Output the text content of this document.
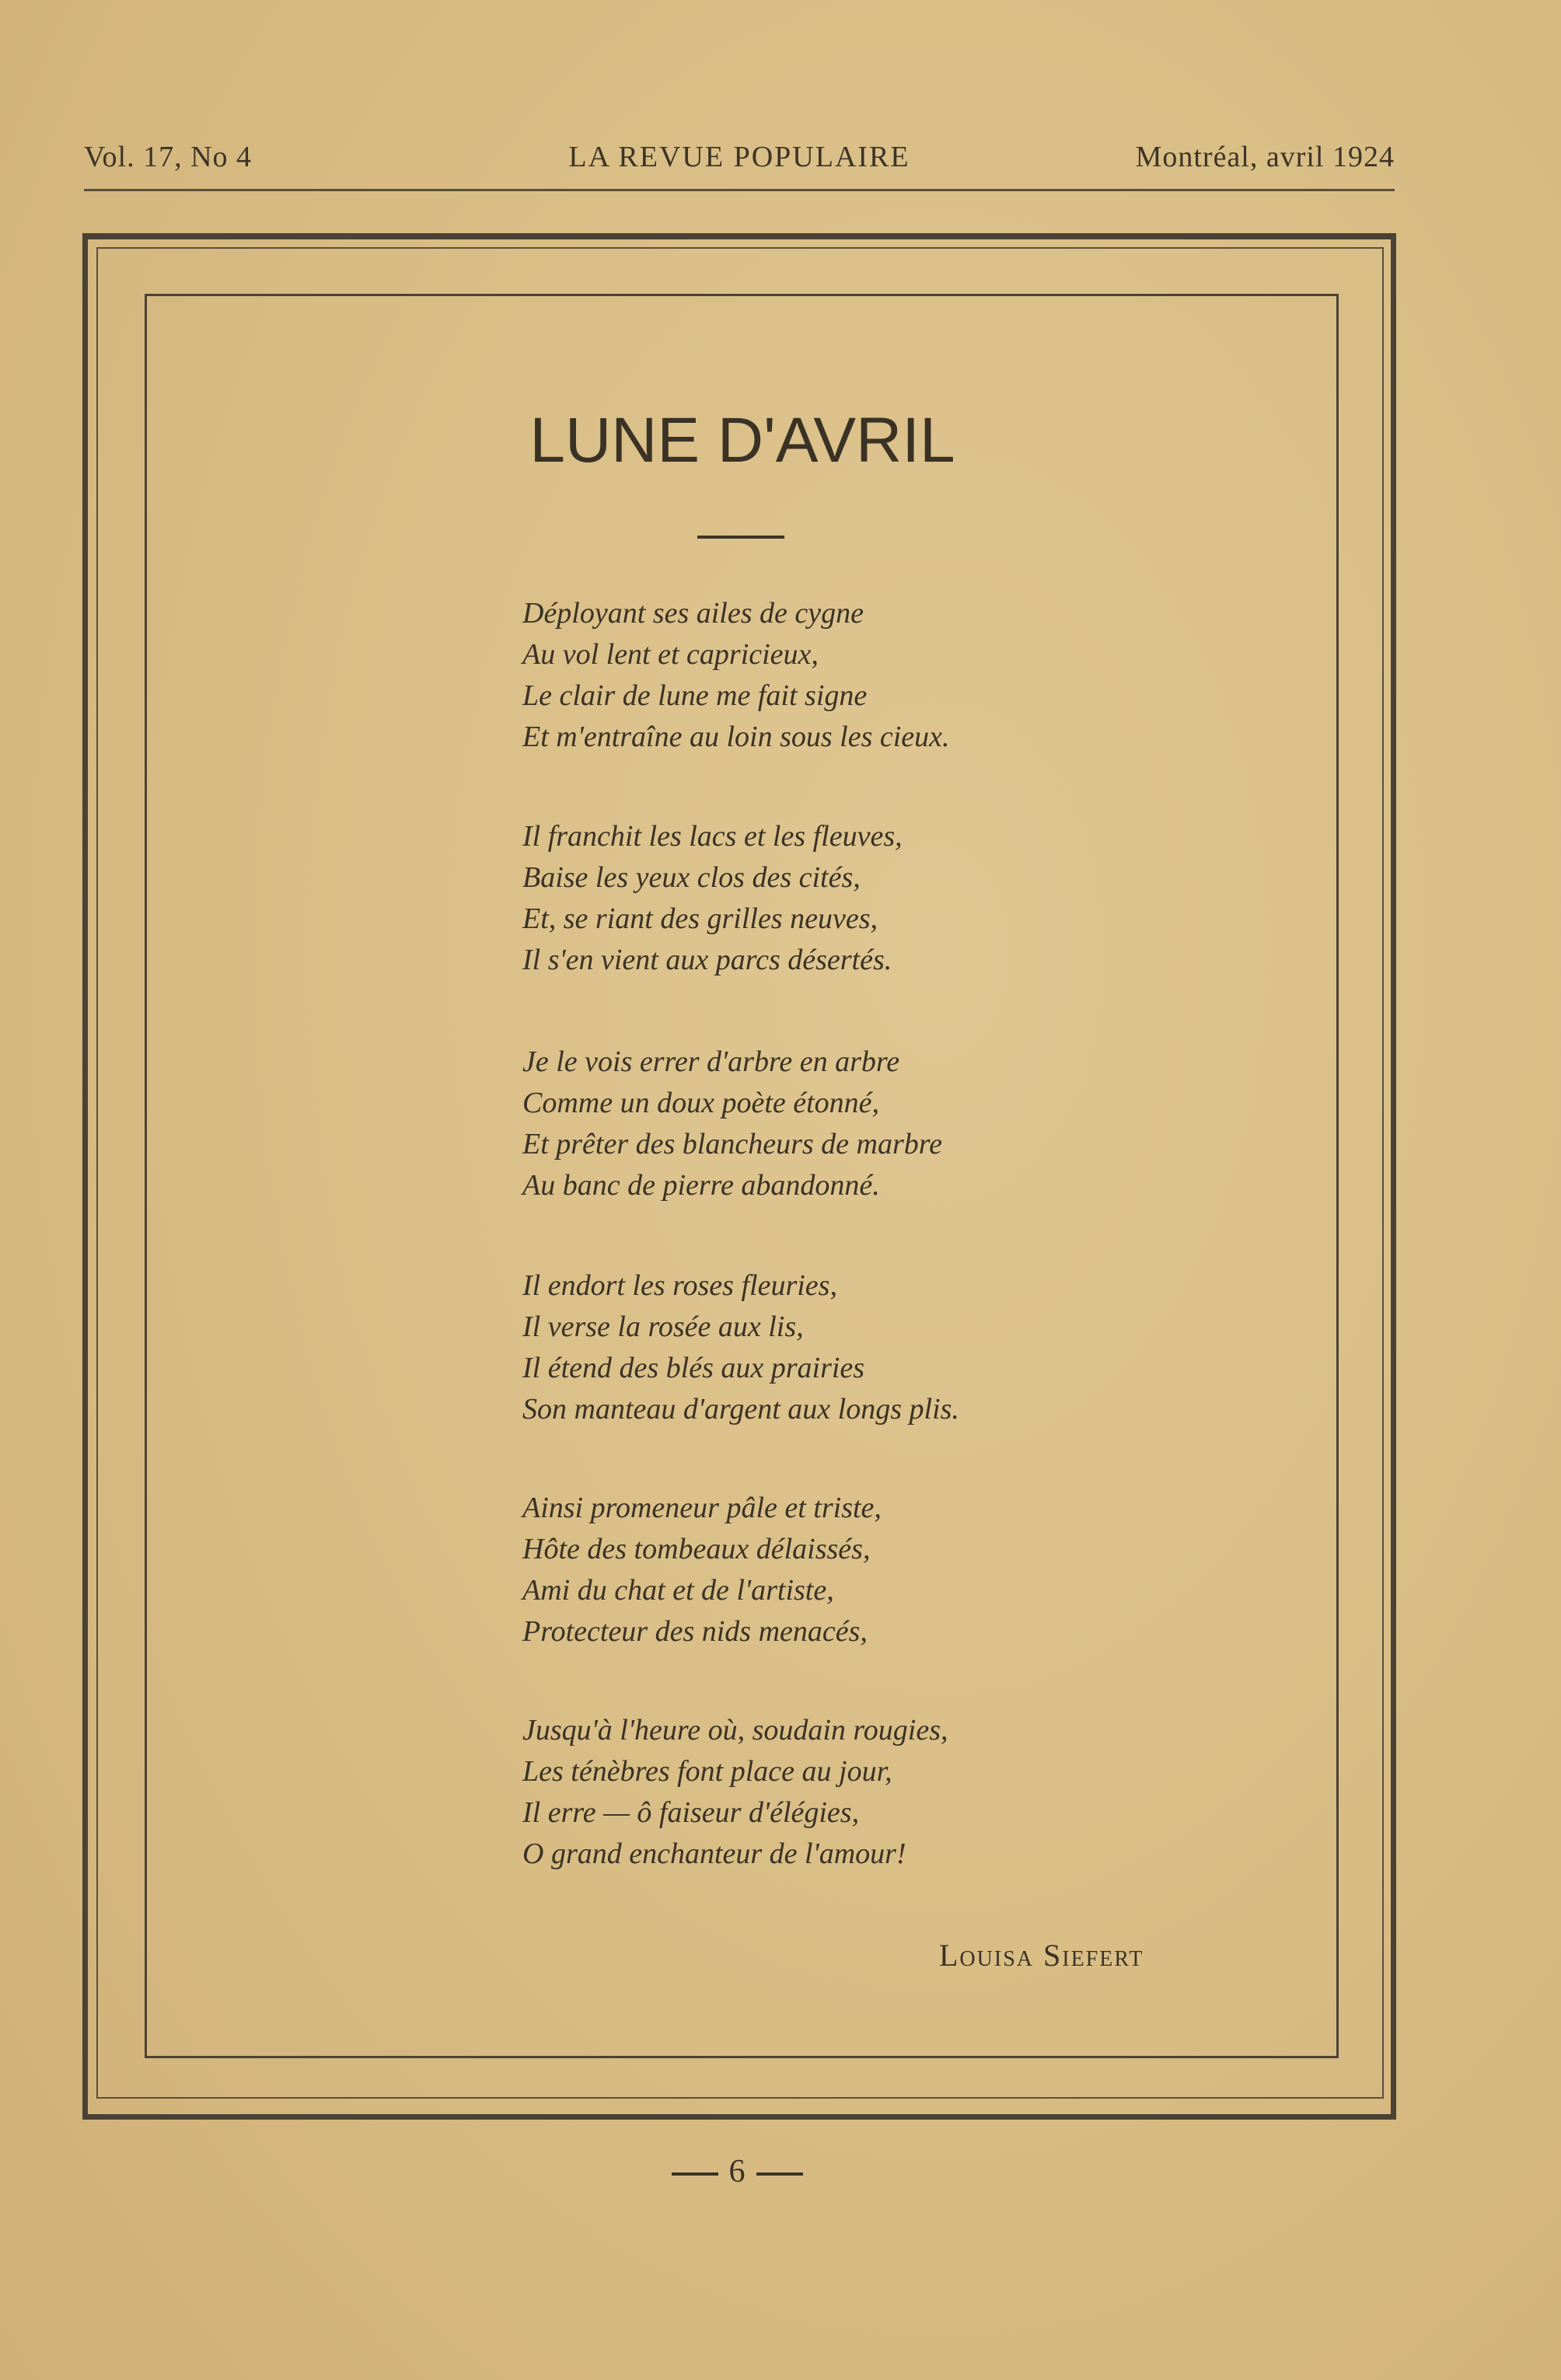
Vol. 17, No 4	LA REVUE POPULAIRE	Montréal, avril 1924
LUNE D'AVRIL
Déployant ses ailes de cygne
Au vol lent et capricieux,
Le clair de lune me fait signe
Et m'entraîne au loin sous les cieux.
Il franchit les lacs et les fleuves,
Baise les yeux clos des cités,
Et, se riant des grilles neuves,
Il s'en vient aux parcs désertés.
Je le vois errer d'arbre en arbre
Comme un doux poète étonné,
Et prêter des blancheurs de marbre
Au banc de pierre abandonné.
Il endort les roses fleuries,
Il verse la rosée aux lis,
Il étend des blés aux prairies
Son manteau d'argent aux longs plis.
Ainsi promeneur pâle et triste,
Hôte des tombeaux délaissés,
Ami du chat et de l'artiste,
Protecteur des nids menacés,
Jusqu'à l'heure où, soudain rougies,
Les ténèbres font place au jour,
Il erre — ô faiseur d'élégies,
O grand enchanteur de l'amour!
Louisa Siefert
6
